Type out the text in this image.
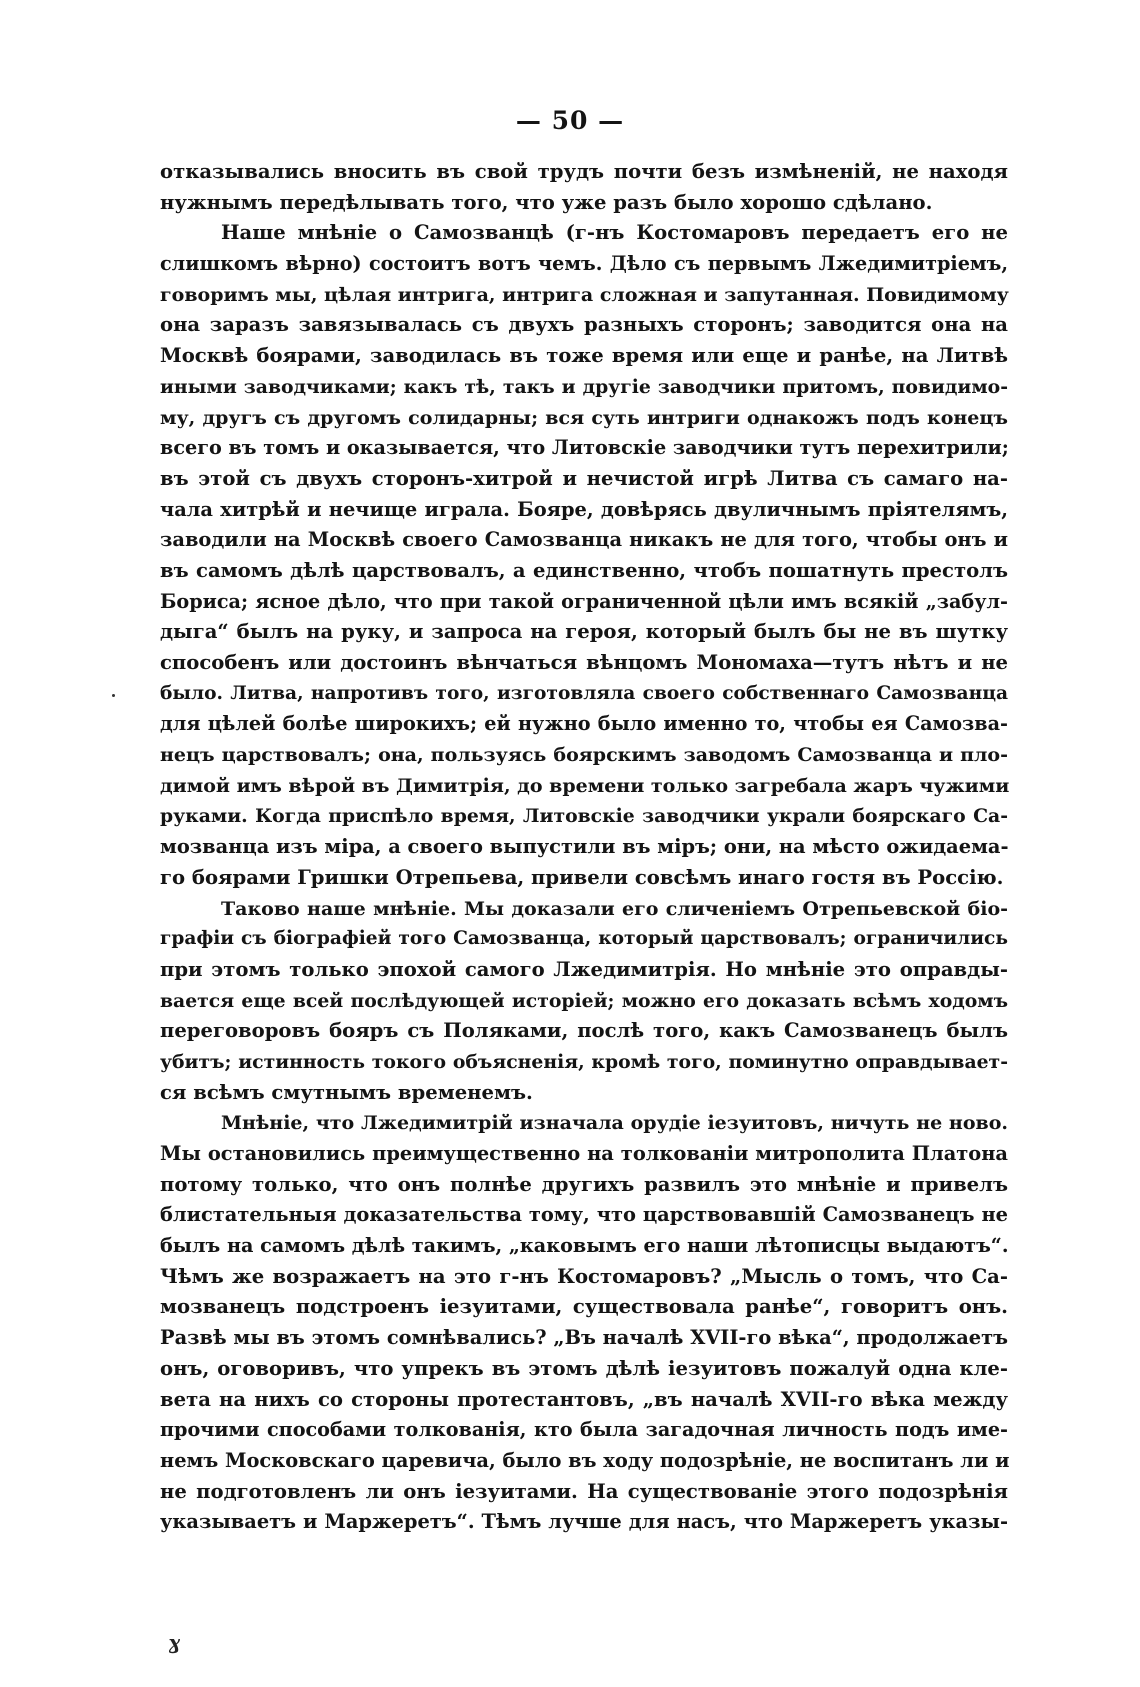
— 50 —
отказывались вносить въ свой трудъ почти безъ измѣненій, не находя
нужнымъ передѣлывать того, что уже разъ было хорошо сдѣлано.
Наше мнѣніе о Самозванцѣ (г-нъ Костомаровъ передаетъ его не
слишкомъ вѣрно) состоитъ вотъ чемъ. Дѣло съ первымъ Лжедимитріемъ,
говоримъ мы, цѣлая интрига, интрига сложная и запутанная. Повидимому
она заразъ завязывалась съ двухъ разныхъ сторонъ; заводится она на
Москвѣ боярами, заводилась въ тоже время или еще и ранѣе, на Литвѣ
иными заводчиками; какъ тѣ, такъ и другіе заводчики притомъ, повидимо-
му, другъ съ другомъ солидарны; вся суть интриги однакожъ подъ конецъ
всего въ томъ и оказывается, что Литовскіе заводчики тутъ перехитрили;
въ этой съ двухъ сторонъ-хитрой и нечистой игрѣ Литва съ самаго на-
чала хитрѣй и нечище играла. Бояре, довѣрясь двуличнымъ пріятелямъ,
заводили на Москвѣ своего Самозванца никакъ не для того, чтобы онъ и
въ самомъ дѣлѣ царствовалъ, а единственно, чтобъ пошатнуть престолъ
Бориса; ясное дѣло, что при такой ограниченной цѣли имъ всякій „забул-
дыга“ былъ на руку, и запроса на героя, который былъ бы не въ шутку
способенъ или достоинъ вѣнчаться вѣнцомъ Мономаха—тутъ нѣтъ и не
было. Литва, напротивъ того, изготовляла своего собственнаго Самозванца
для цѣлей болѣе широкихъ; ей нужно было именно то, чтобы ея Самозва-
нецъ царствовалъ; она, пользуясь боярскимъ заводомъ Самозванца и пло-
димой имъ вѣрой въ Димитрія, до времени только загребала жаръ чужими
руками. Когда приспѣло время, Литовскіе заводчики украли боярскаго Са-
мозванца изъ міра, а своего выпустили въ міръ; они, на мѣсто ожидаема-
го боярами Гришки Отрепьева, привели совсѣмъ инаго гостя въ Россію.
Таково наше мнѣніе. Мы доказали его сличеніемъ Отрепьевской біо-
графіи съ біографіей того Самозванца, который царствовалъ; ограничились
при этомъ только эпохой самого Лжедимитрія. Но мнѣніе это оправды-
вается еще всей послѣдующей исторіей; можно его доказать всѣмъ ходомъ
переговоровъ бояръ съ Поляками, послѣ того, какъ Самозванецъ былъ
убитъ; истинность токого объясненія, кромѣ того, поминутно оправдывает-
ся всѣмъ смутнымъ временемъ.
Мнѣніе, что Лжедимитрій изначала орудіе іезуитовъ, ничуть не ново.
Мы остановились преимущественно на толкованіи митрополита Платона
потому только, что онъ полнѣе другихъ развилъ это мнѣніе и привелъ
блистательныя доказательства тому, что царствовавшій Самозванецъ не
былъ на самомъ дѣлѣ такимъ, „каковымъ его наши лѣтописцы выдаютъ“.
Чѣмъ же возражаетъ на это г-нъ Костомаровъ? „Мысль о томъ, что Са-
мозванецъ подстроенъ іезуитами, существовала ранѣе“, говоритъ онъ.
Развѣ мы въ этомъ сомнѣвались? „Въ началѣ XVII-го вѣка“, продолжаетъ
онъ, оговоривъ, что упрекъ въ этомъ дѣлѣ іезуитовъ пожалуй одна кле-
вета на нихъ со стороны протестантовъ, „въ началѣ XVII-го вѣка между
прочими способами толкованія, кто была загадочная личность подъ име-
немъ Московскаго царевича, было въ ходу подозрѣніе, не воспитанъ ли и
не подготовленъ ли онъ іезуитами. На существованіе этого подозрѣнія
указываетъ и Маржеретъ“. Тѣмъ лучше для насъ, что Маржеретъ указы-
ɣ
